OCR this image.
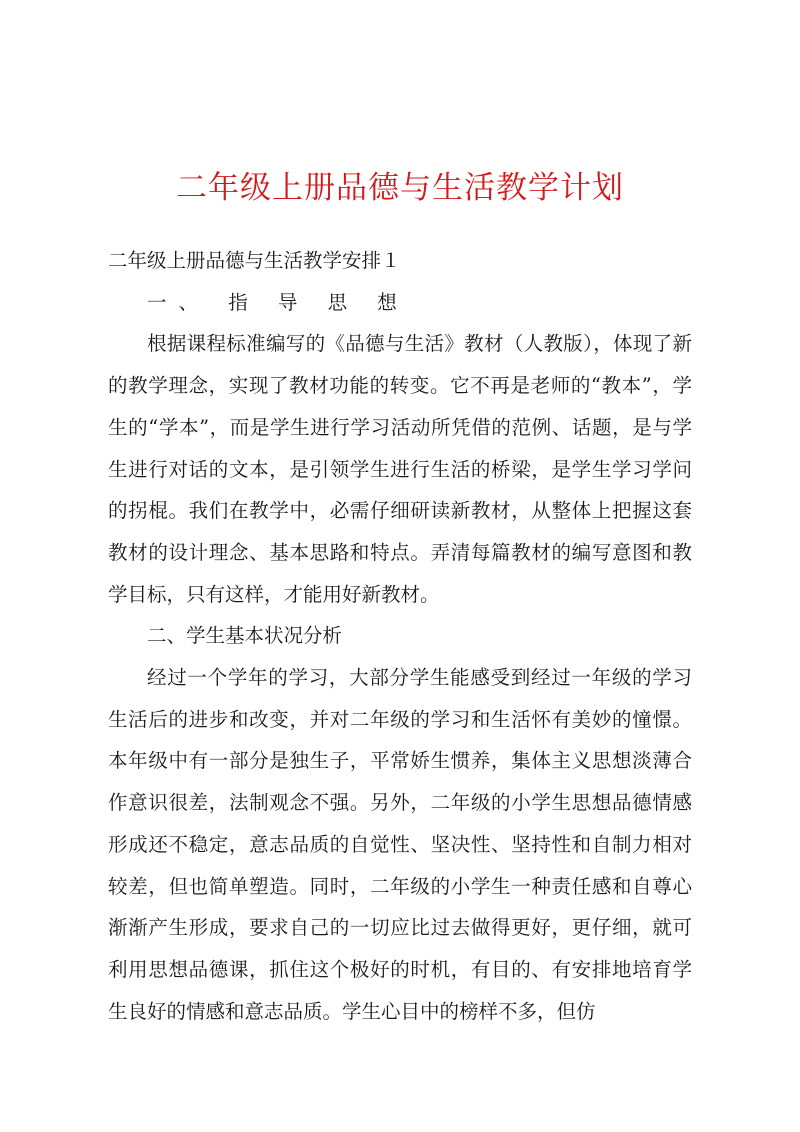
二年级上册品德与生活教学计划

二年级上册品德与生活教学安排１

一、 指 导 思 想

根据课程标准编写的《品德与生活》教材（人教版），体现了新的教学理念，实现了教材功能的转变。它不再是老师的“教本”，学生的“学本”，而是学生进行学习活动所凭借的范例、话题，是与学生进行对话的文本，是引领学生进行生活的桥梁，是学生学习学问的拐棍。我们在教学中，必需仔细研读新教材，从整体上把握这套教材的设计理念、基本思路和特点。弄清每篇教材的编写意图和教学目标，只有这样，才能用好新教材。

二、学生基本状况分析

经过一个学年的学习，大部分学生能感受到经过一年级的学习生活后的进步和改变，并对二年级的学习和生活怀有美妙的憧憬。本年级中有一部分是独生子，平常娇生惯养，集体主义思想淡薄合作意识很差，法制观念不强。另外，二年级的小学生思想品德情感形成还不稳定，意志品质的自觉性、坚决性、坚持性和自制力相对较差，但也简单塑造。同时，二年级的小学生一种责任感和自尊心渐渐产生形成，要求自己的一切应比过去做得更好，更仔细，就可利用思想品德课，抓住这个极好的时机，有目的、有安排地培育学生良好的情感和意志品质。学生心目中的榜样不多，但仿
